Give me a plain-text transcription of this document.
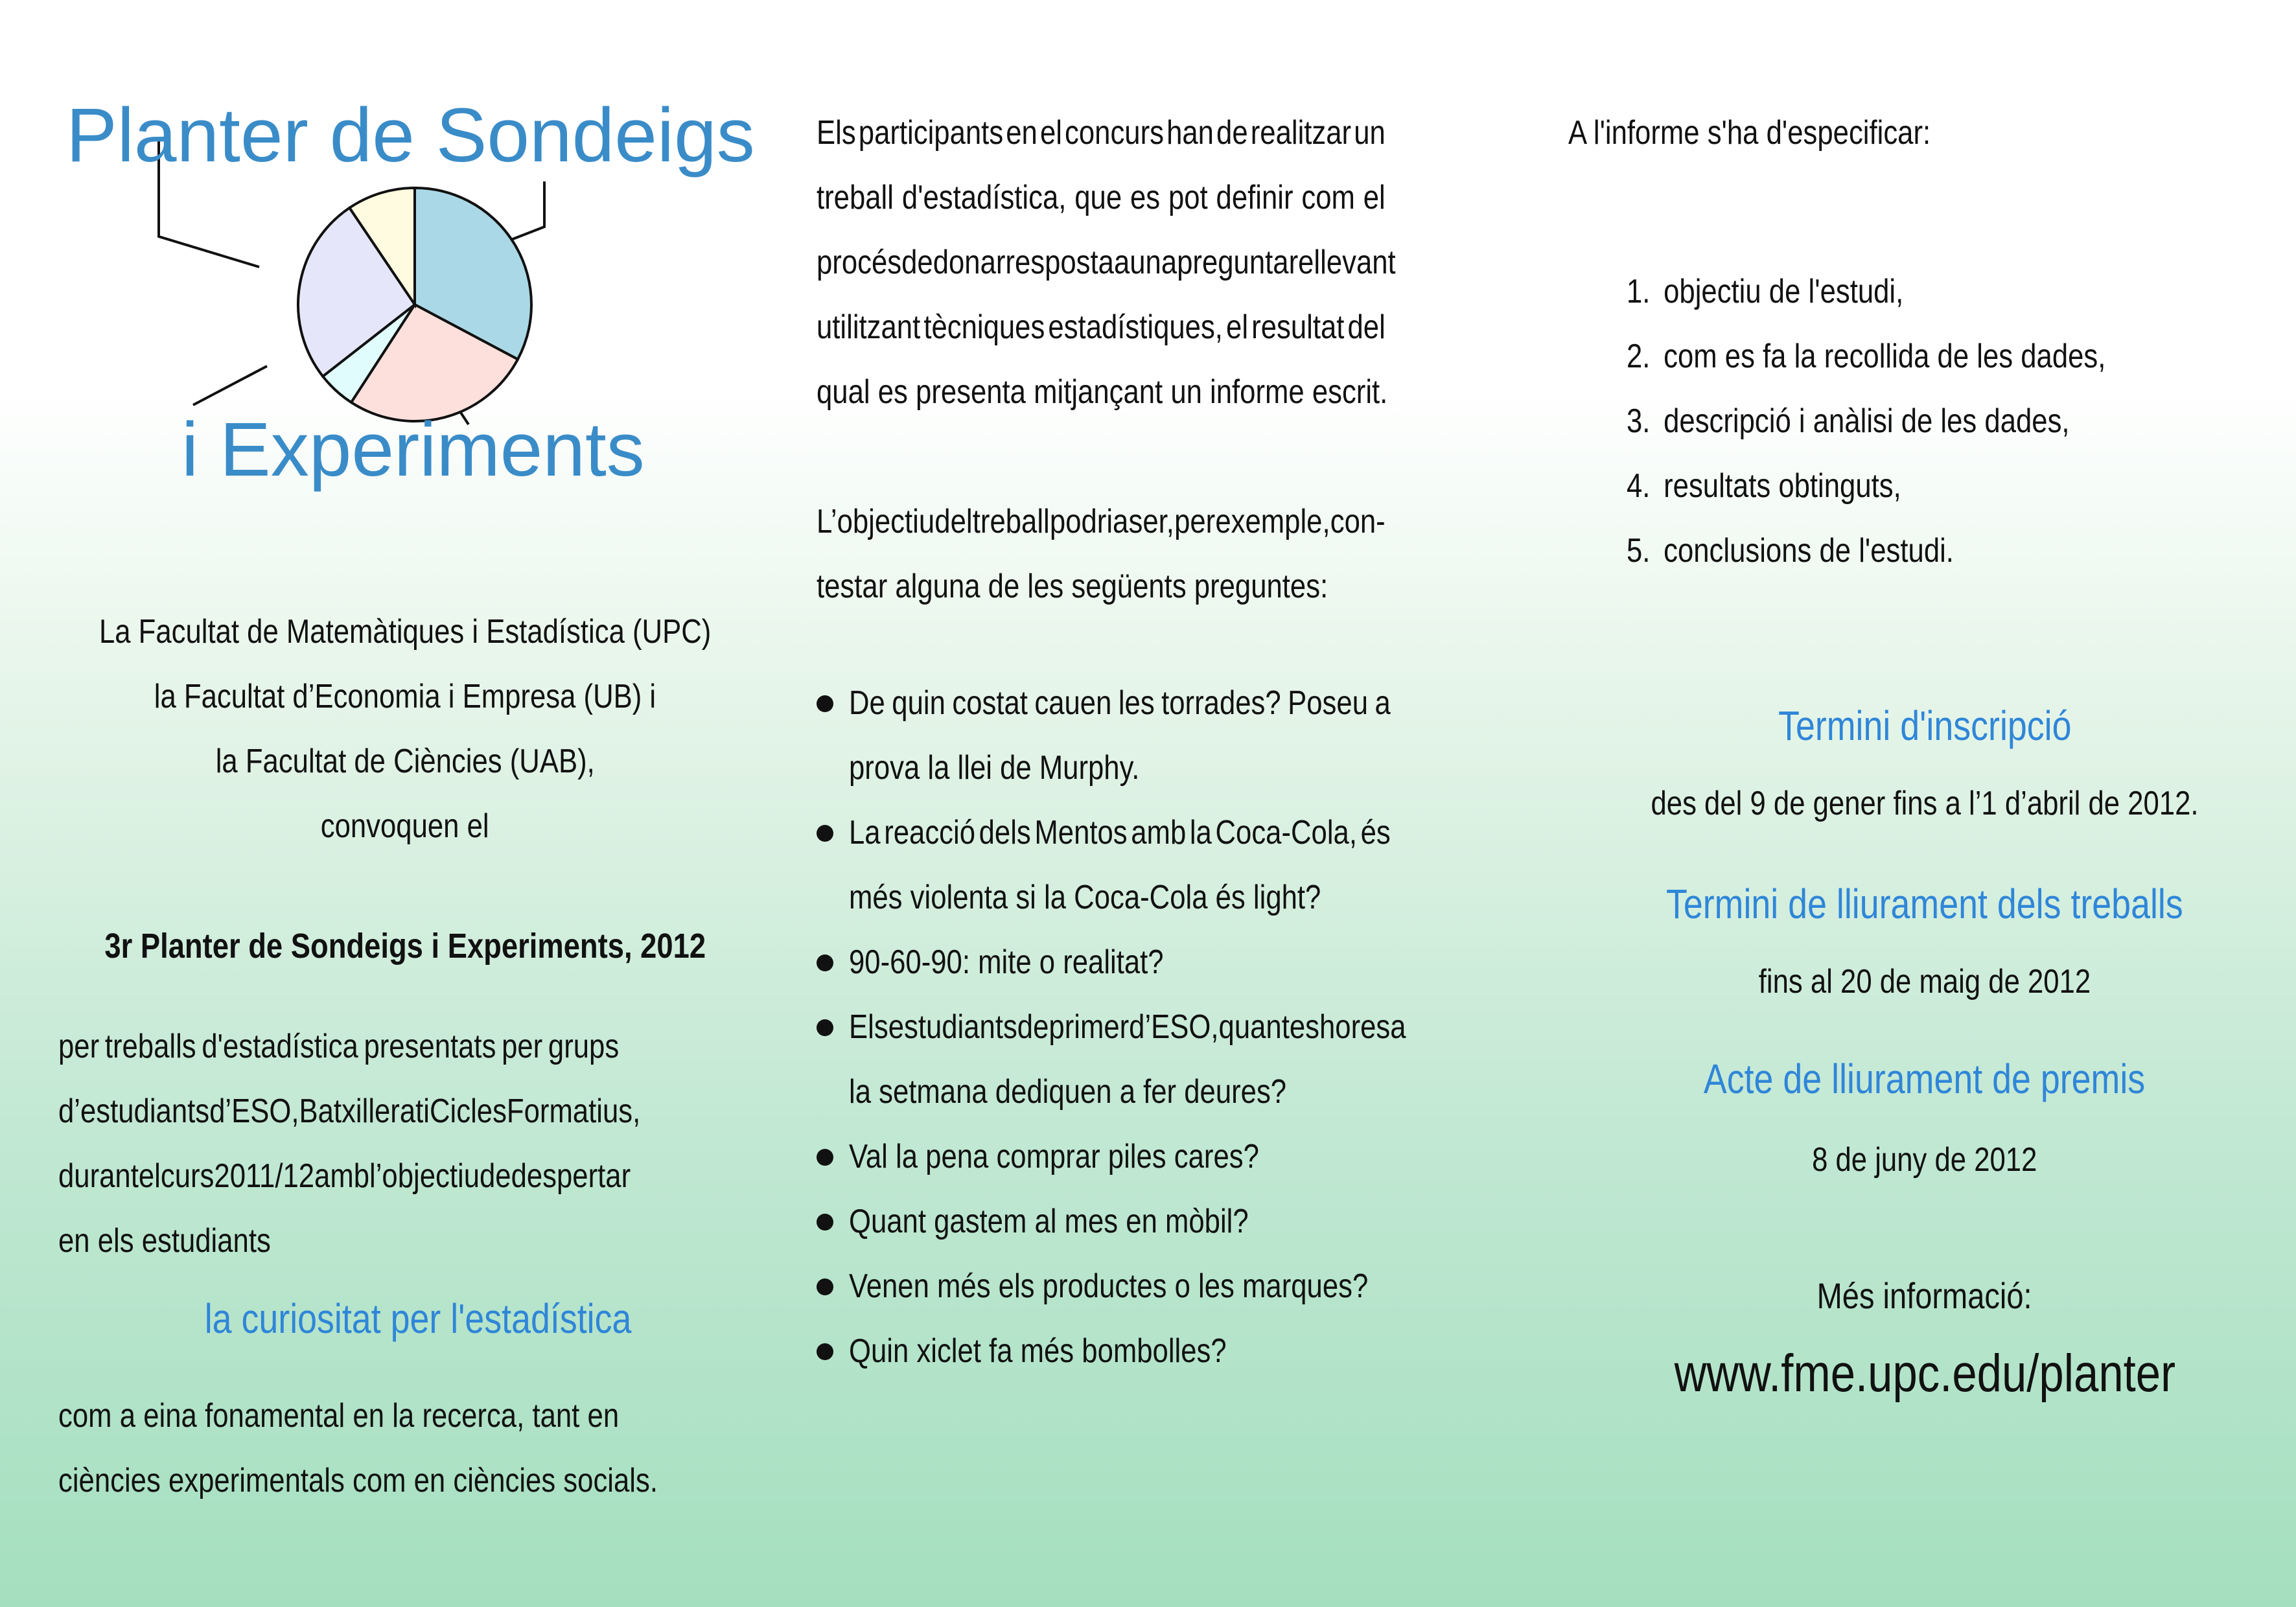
Planter de Sondeigs
i Experiments
La Facultat de Matemàtiques i Estadística (UPC)
la Facultat d’Economia i Empresa (UB) i
la Facultat de Ciències (UAB),
convoquen el
3r Planter de Sondeigs i Experiments, 2012
per treballs d'estadística presentats per grups
d’estudiants d’ESO, Batxillerat i Cicles Formatius,
durant el curs 2011/12 amb l’objectiu de despertar
en els estudiants
la curiositat per l'estadística
com a eina fonamental en la recerca, tant en
ciències experimentals com en ciències socials.
Els participants en el concurs han de realitzar un
treball d'estadística, que es pot definir com el
procés de donar resposta a una pregunta rellevant
utilitzant tècniques estadístiques, el resultat del
qual es presenta mitjançant un informe escrit.
L’objectiu del treball podria ser, per exemple, con-
testar alguna de les següents preguntes:
De quin costat cauen les torrades? Poseu a
prova la llei de Murphy.
La reacció dels Mentos amb la Coca-Cola, és
més violenta si la Coca-Cola és light?
90-60-90: mite o realitat?
Els estudiants de primer d’ESO, quantes hores a
la setmana dediquen a fer deures?
Val la pena comprar piles cares?
Quant gastem al mes en mòbil?
Venen més els productes o les marques?
Quin xiclet fa més bombolles?
A l'informe s'ha d'especificar:
1. objectiu de l'estudi,
2. com es fa la recollida de les dades,
3. descripció i anàlisi de les dades,
4. resultats obtinguts,
5. conclusions de l'estudi.
Termini d'inscripció
des del 9 de gener fins a l’1 d’abril de 2012.
Termini de lliurament dels treballs
fins al 20 de maig de 2012
Acte de lliurament de premis
8 de juny de 2012
Més informació:
www.fme.upc.edu/planter
